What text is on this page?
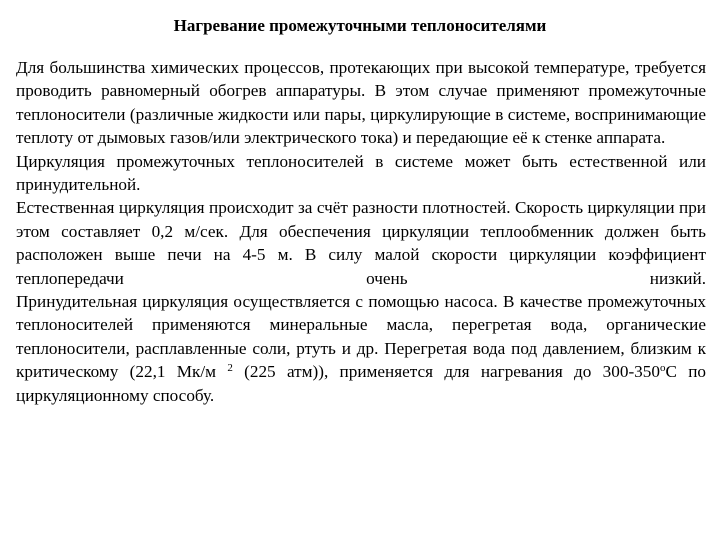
Нагревание промежуточными теплоносителями

Для большинства химических процессов, протекающих при высокой температуре, требуется проводить равномерный обогрев аппаратуры. В этом случае применяют промежуточные теплоносители (различные жидкости или пары, циркулирующие в системе, воспринимающие теплоту от дымовых газов/или электрического тока) и передающие её к стенке аппарата.

Циркуляция промежуточных теплоносителей в системе может быть естественной или принудительной.

Естественная циркуляция происходит за счёт разности плотностей. Скорость циркуляции при этом составляет 0,2 м/сек. Для обеспечения циркуляции теплообменник должен быть расположен выше печи на 4-5 м. В силу малой скорости циркуляции коэффициент теплопередачи очень низкий.

Принудительная циркуляция осуществляется с помощью насоса. В качестве промежуточных теплоносителей применяются минеральные масла, перегретая вода, органические теплоносители, расплавленные соли, ртуть и др. Перегретая вода под давлением, близким к критическому (22,1 Мк/м $^2$ (225 атм)), применяется для нагревания до $300-350^оС$ по циркуляционному способу.
